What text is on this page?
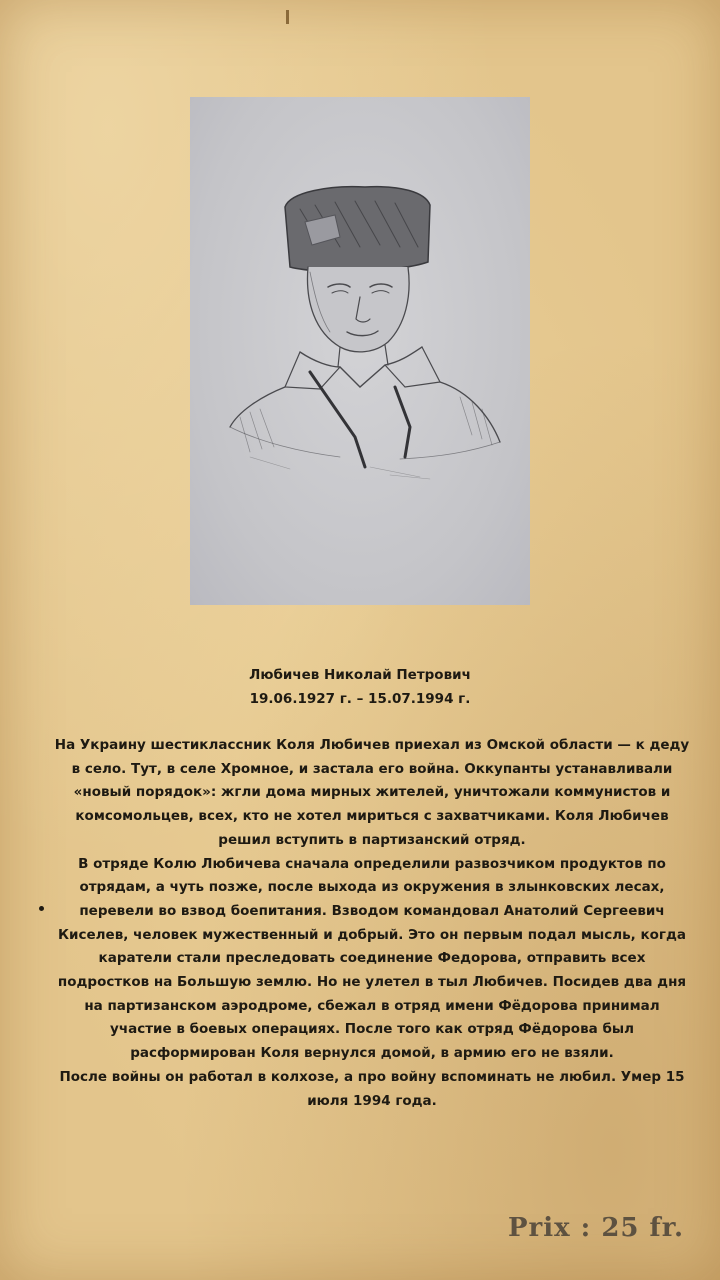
Любичев Николай Петрович
19.06.1927 г. – 15.07.1994 г.

На Украину шестиклассник Коля Любичев приехал из Омской области — к деду в село. Тут, в селе Хромное, и застала его война. Оккупанты устанавливали «новый порядок»: жгли дома мирных жителей, уничтожали коммунистов и комсомольцев, всех, кто не хотел мириться с захватчиками. Коля Любичев решил вступить в партизанский отряд.

В отряде Колю Любичева сначала определили развозчиком продуктов по отрядам, а чуть позже, после выхода из окружения в злынковских лесах, перевели во взвод боепитания. Взводом командовал Анатолий Сергеевич Киселев, человек мужественный и добрый. Это он первым подал мысль, когда каратели стали преследовать соединение Федорова, отправить всех подростков на Большую землю. Но не улетел в тыл Любичев. Посидев два дня на партизанском аэродроме, сбежал в отряд имени Фёдорова принимал участие в боевых операциях. После того как отряд Фёдорова был расформирован Коля вернулся домой, в армию его не взяли.

После войны он работал в колхозе, а про войну вспоминать не любил. Умер 15 июля 1994 года.

Prix : 25 fr.
